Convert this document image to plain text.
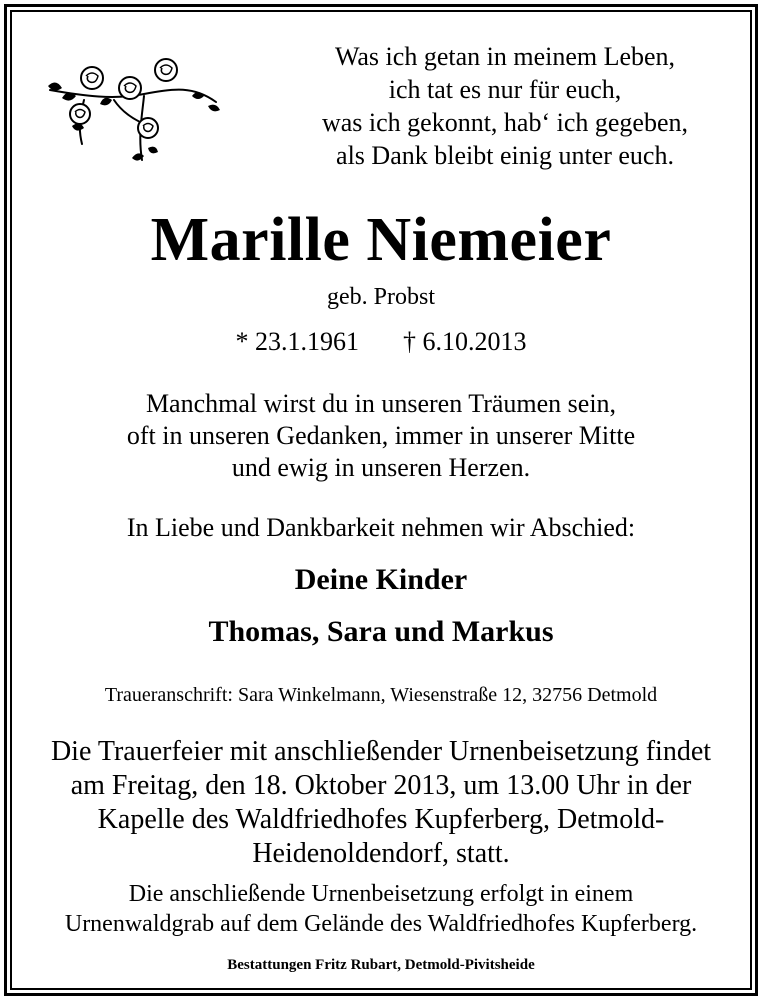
Was ich getan in meinem Leben,
ich tat es nur für euch,
was ich gekonnt, hab‘ ich gegeben,
als Dank bleibt einig unter euch.
Marille Niemeier
geb. Probst
* 23.1.1961 † 6.10.2013
Manchmal wirst du in unseren Träumen sein,
oft in unseren Gedanken, immer in unserer Mitte
und ewig in unseren Herzen.
In Liebe und Dankbarkeit nehmen wir Abschied:
Deine Kinder
Thomas, Sara und Markus
Traueranschrift: Sara Winkelmann, Wiesenstraße 12, 32756 Detmold
Die Trauerfeier mit anschließender Urnenbeisetzung findet
am Freitag, den 18. Oktober 2013, um 13.00 Uhr in der
Kapelle des Waldfriedhofes Kupferberg, Detmold-
Heidenoldendorf, statt.
Die anschließende Urnenbeisetzung erfolgt in einem
Urnenwaldgrab auf dem Gelände des Waldfriedhofes Kupferberg.
Bestattungen Fritz Rubart, Detmold-Pivitsheide
